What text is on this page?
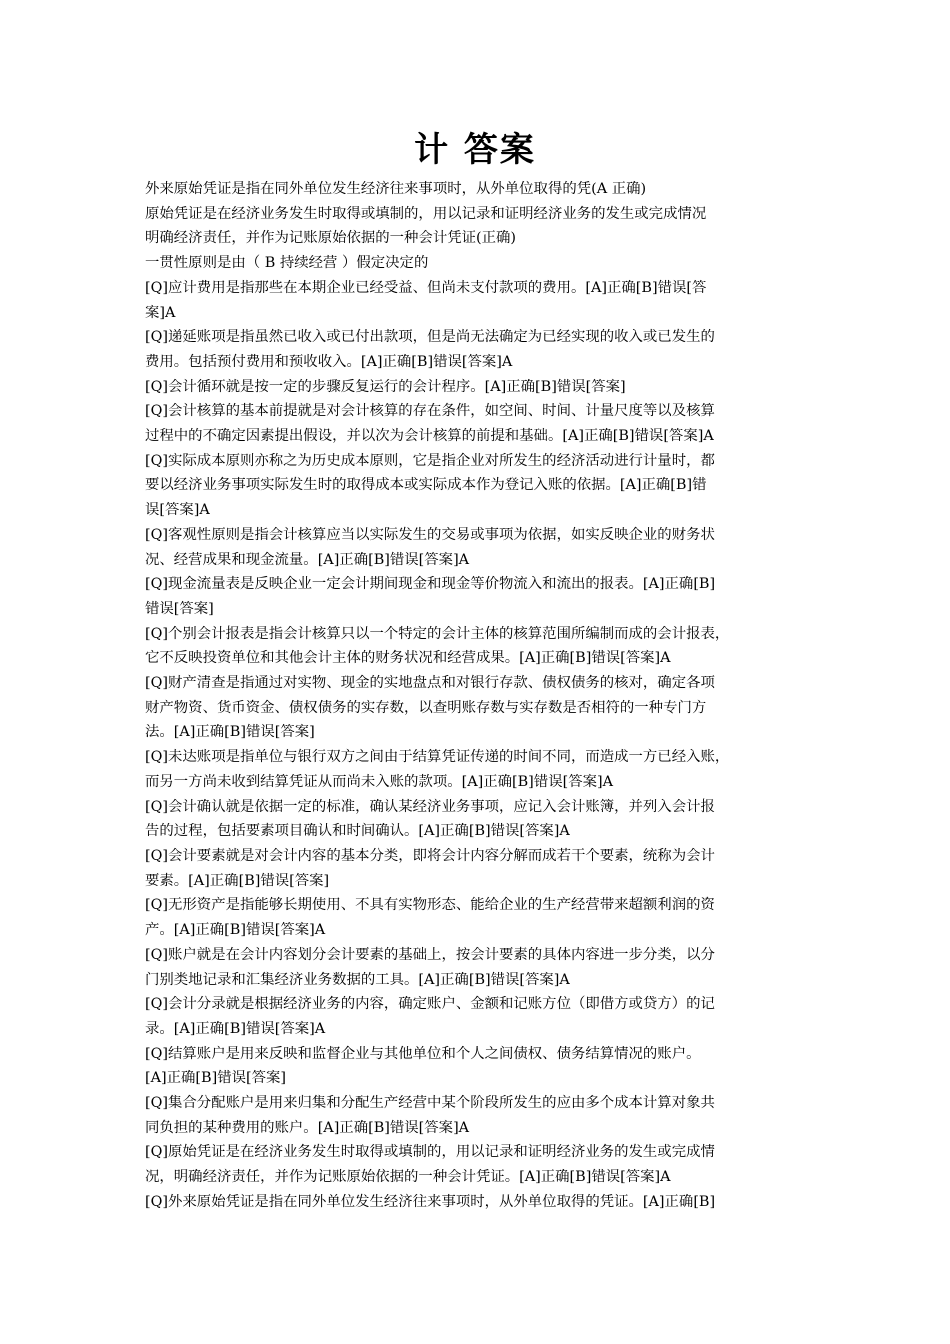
计 答案
外来原始凭证是指在同外单位发生经济往来事项时，从外单位取得的凭(A 正确)
原始凭证是在经济业务发生时取得或填制的，用以记录和证明经济业务的发生或完成情况
明确经济责任，并作为记账原始依据的一种会计凭证(正确)
一贯性原则是由（ B 持续经营 ）假定决定的
[Q]应计费用是指那些在本期企业已经受益、但尚未支付款项的费用。[A]正确[B]错误[答
案]A
[Q]递延账项是指虽然已收入或已付出款项，但是尚无法确定为已经实现的收入或已发生的
费用。包括预付费用和预收收入。[A]正确[B]错误[答案]A
[Q]会计循环就是按一定的步骤反复运行的会计程序。[A]正确[B]错误[答案]
[Q]会计核算的基本前提就是对会计核算的存在条件，如空间、时间、计量尺度等以及核算
过程中的不确定因素提出假设，并以次为会计核算的前提和基础。[A]正确[B]错误[答案]A
[Q]实际成本原则亦称之为历史成本原则，它是指企业对所发生的经济活动进行计量时，都
要以经济业务事项实际发生时的取得成本或实际成本作为登记入账的依据。[A]正确[B]错
误[答案]A
[Q]客观性原则是指会计核算应当以实际发生的交易或事项为依据，如实反映企业的财务状
况、经营成果和现金流量。[A]正确[B]错误[答案]A
[Q]现金流量表是反映企业一定会计期间现金和现金等价物流入和流出的报表。[A]正确[B]
错误[答案]
[Q]个别会计报表是指会计核算只以一个特定的会计主体的核算范围所编制而成的会计报表，
它不反映投资单位和其他会计主体的财务状况和经营成果。[A]正确[B]错误[答案]A
[Q]财产清查是指通过对实物、现金的实地盘点和对银行存款、债权债务的核对，确定各项
财产物资、货币资金、债权债务的实存数，以查明账存数与实存数是否相符的一种专门方
法。[A]正确[B]错误[答案]
[Q]未达账项是指单位与银行双方之间由于结算凭证传递的时间不同，而造成一方已经入账，
而另一方尚未收到结算凭证从而尚未入账的款项。[A]正确[B]错误[答案]A
[Q]会计确认就是依据一定的标准，确认某经济业务事项，应记入会计账簿，并列入会计报
告的过程，包括要素项目确认和时间确认。[A]正确[B]错误[答案]A
[Q]会计要素就是对会计内容的基本分类，即将会计内容分解而成若干个要素，统称为会计
要素。[A]正确[B]错误[答案]
[Q]无形资产是指能够长期使用、不具有实物形态、能给企业的生产经营带来超额利润的资
产。[A]正确[B]错误[答案]A
[Q]账户就是在会计内容划分会计要素的基础上，按会计要素的具体内容进一步分类，以分
门别类地记录和汇集经济业务数据的工具。[A]正确[B]错误[答案]A
[Q]会计分录就是根据经济业务的内容，确定账户、金额和记账方位（即借方或贷方）的记
录。[A]正确[B]错误[答案]A
[Q]结算账户是用来反映和监督企业与其他单位和个人之间债权、债务结算情况的账户。
[A]正确[B]错误[答案]
[Q]集合分配账户是用来归集和分配生产经营中某个阶段所发生的应由多个成本计算对象共
同负担的某种费用的账户。[A]正确[B]错误[答案]A
[Q]原始凭证是在经济业务发生时取得或填制的，用以记录和证明经济业务的发生或完成情
况，明确经济责任，并作为记账原始依据的一种会计凭证。[A]正确[B]错误[答案]A
[Q]外来原始凭证是指在同外单位发生经济往来事项时，从外单位取得的凭证。[A]正确[B]
